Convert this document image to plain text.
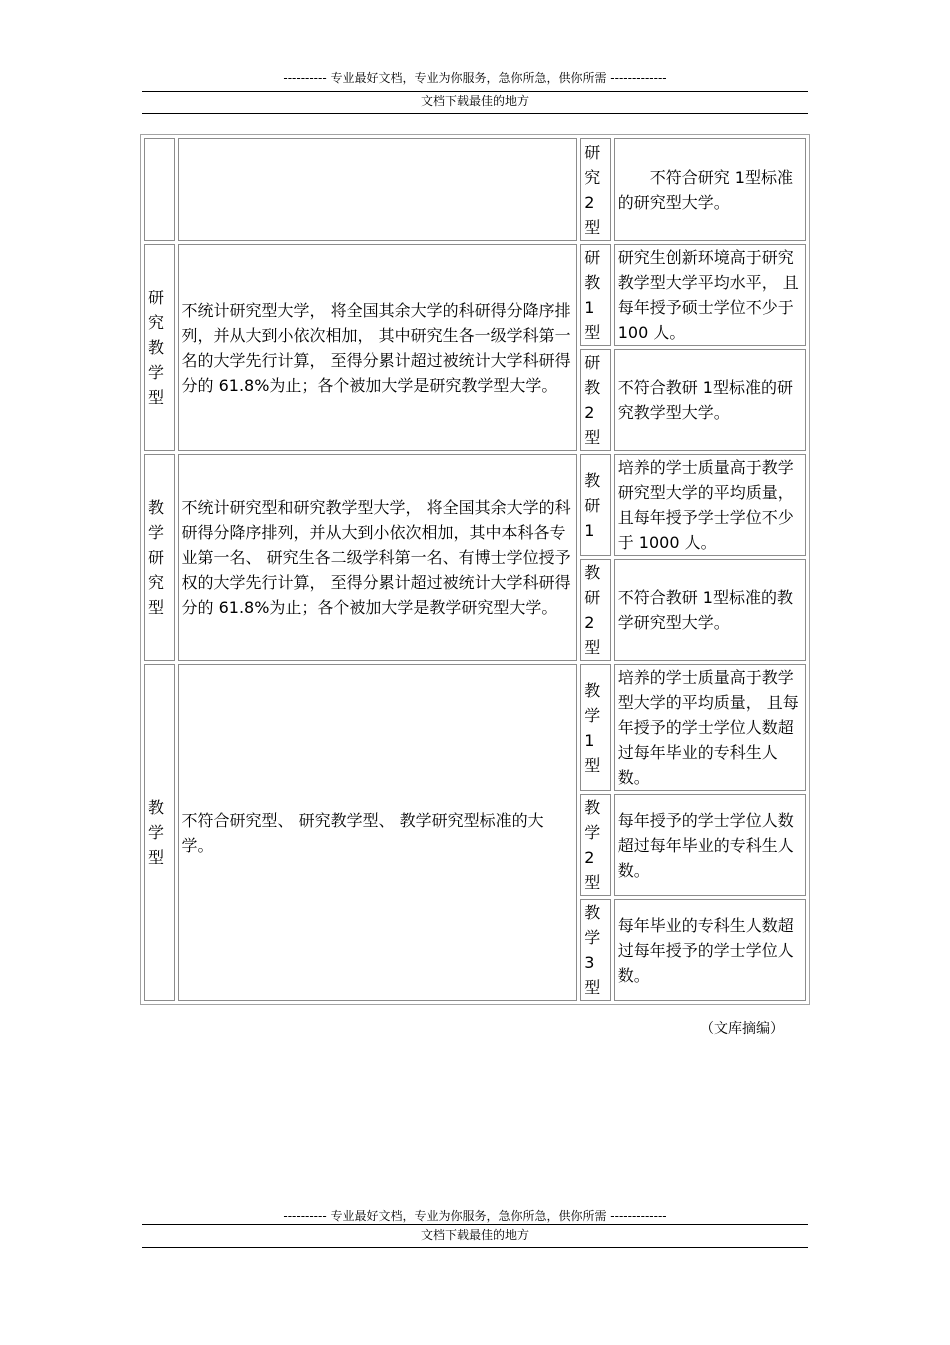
---------- 专业最好文档，专业为你服务，急你所急，供你所需 -------------
文档下载最佳的地方

		研究2型	　　不符合研究 1型标准的研究型大学。

研究教学型	不统计研究型大学， 将全国其余大学的科研得分降序排列，并从大到小依次相加， 其中研究生各一级学科第一名的大学先行计算， 至得分累计超过被统计大学科研得分的 61.8%为止；各个被加大学是研究教学型大学。	研教1型	研究生创新环境高于研究教学型大学平均水平， 且每年授予硕士学位不少于 100 人。

		研教2型	不符合教研 1型标准的研究教学型大学。

教学研究型	不统计研究型和研究教学型大学， 将全国其余大学的科研得分降序排列，并从大到小依次相加，其中本科各专业第一名、 研究生各二级学科第一名、有博士学位授予权的大学先行计算， 至得分累计超过被统计大学科研得分的 61.8%为止；各个被加大学是教学研究型大学。	教研1	培养的学士质量高于教学研究型大学的平均质量， 且每年授予学士学位不少于 1000 人。

		教研2型	不符合教研 1型标准的教学研究型大学。

教学型	不符合研究型、 研究教学型、 教学研究型标准的大学。	教学1型	培养的学士质量高于教学型大学的平均质量， 且每年授予的学士学位人数超过每年毕业的专科生人数。

		教学2型	每年授予的学士学位人数超过每年毕业的专科生人数。

		教学3型	每年毕业的专科生人数超过每年授予的学士学位人数。
（文库摘编）
---------- 专业最好文档，专业为你服务，急你所急，供你所需 -------------
文档下载最佳的地方
